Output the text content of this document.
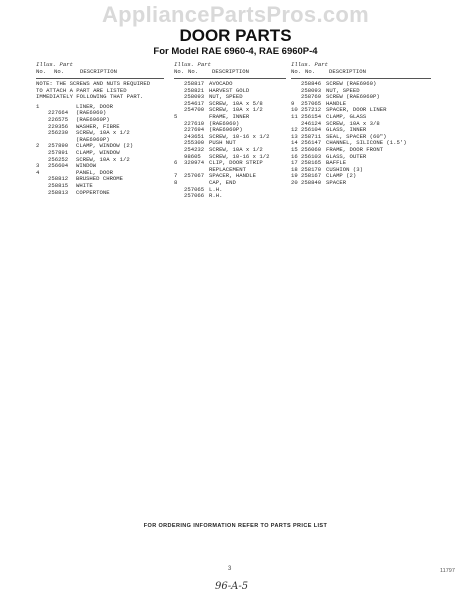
AppliancePartsPros.com
DOOR PARTS
For Model RAE 6960-4, RAE 6960P-4
Illus. Part
No. No.	DESCRIPTION
NOTE: THE SCREWS AND NUTS REQUIRED
TO ATTACH A PART ARE LISTED
IMMEDIATELY FOLLOWING THAT PART.
1	LINER, DOOR
227664	(RAE6960)
226575	(RAE6960P)
229356	WASHER, FIBRE
256230	SCREW, 10A x 1/2
(RAE6960P)
2	257890	CLAMP, WINDOW (2)
257891	CLAMP, WINDOW
256252	SCREW, 10A x 1/2
3	256604	WINDOW
4	PANEL, DOOR
258812	BRUSHED CHROME
258815	WHITE
258813	COPPERTONE
Illus. Part
No. No. DESCRIPTION
258817 AVOCADO
258821 HARVEST GOLD
258093 NUT, SPEED
254617 SCREW, 10A x 5/8
254700 SCREW, 10A x 1/2
5	FRAME, INNER
227610 (RAE6960)
227694 (RAE6960P)
243651 SCREW, 10-16 x 1/2
255300 PUSH NUT
254232 SCREW, 10A x 1/2
98605	SCREW, 10-16 x 1/2
6	320974 CLIP, DOOR STRIP
REPLACEMENT
7	257067 SPACER, HANDLE
8	CAP, END
257065 L.H.
257066 R.H.
Illus. Part
No. No. DESCRIPTION
258846 SCREW (RAE6960)
258093 NUT, SPEED
258769 SCREW (RAE6960P)
9	257065 HANDLE
10 257212 SPACER, DOOR LINER
11 256154 CLAMP, GLASS
246124 SCREW, 10A x 3/8
12 256104 GLASS, INNER
13 258711 SEAL, SPACER (60")
14 256147 CHANNEL, SILICONE (1.5')
15 256060 FRAME, DOOR FRONT
16 256103 GLASS, OUTER
17 258165 BAFFLE
18 258170 CUSHION (3)
19 258167 CLAMP (2)
20 258840 SPACER
FOR ORDERING INFORMATION REFER TO PARTS PRICE LIST
3	11797
96-A-5
